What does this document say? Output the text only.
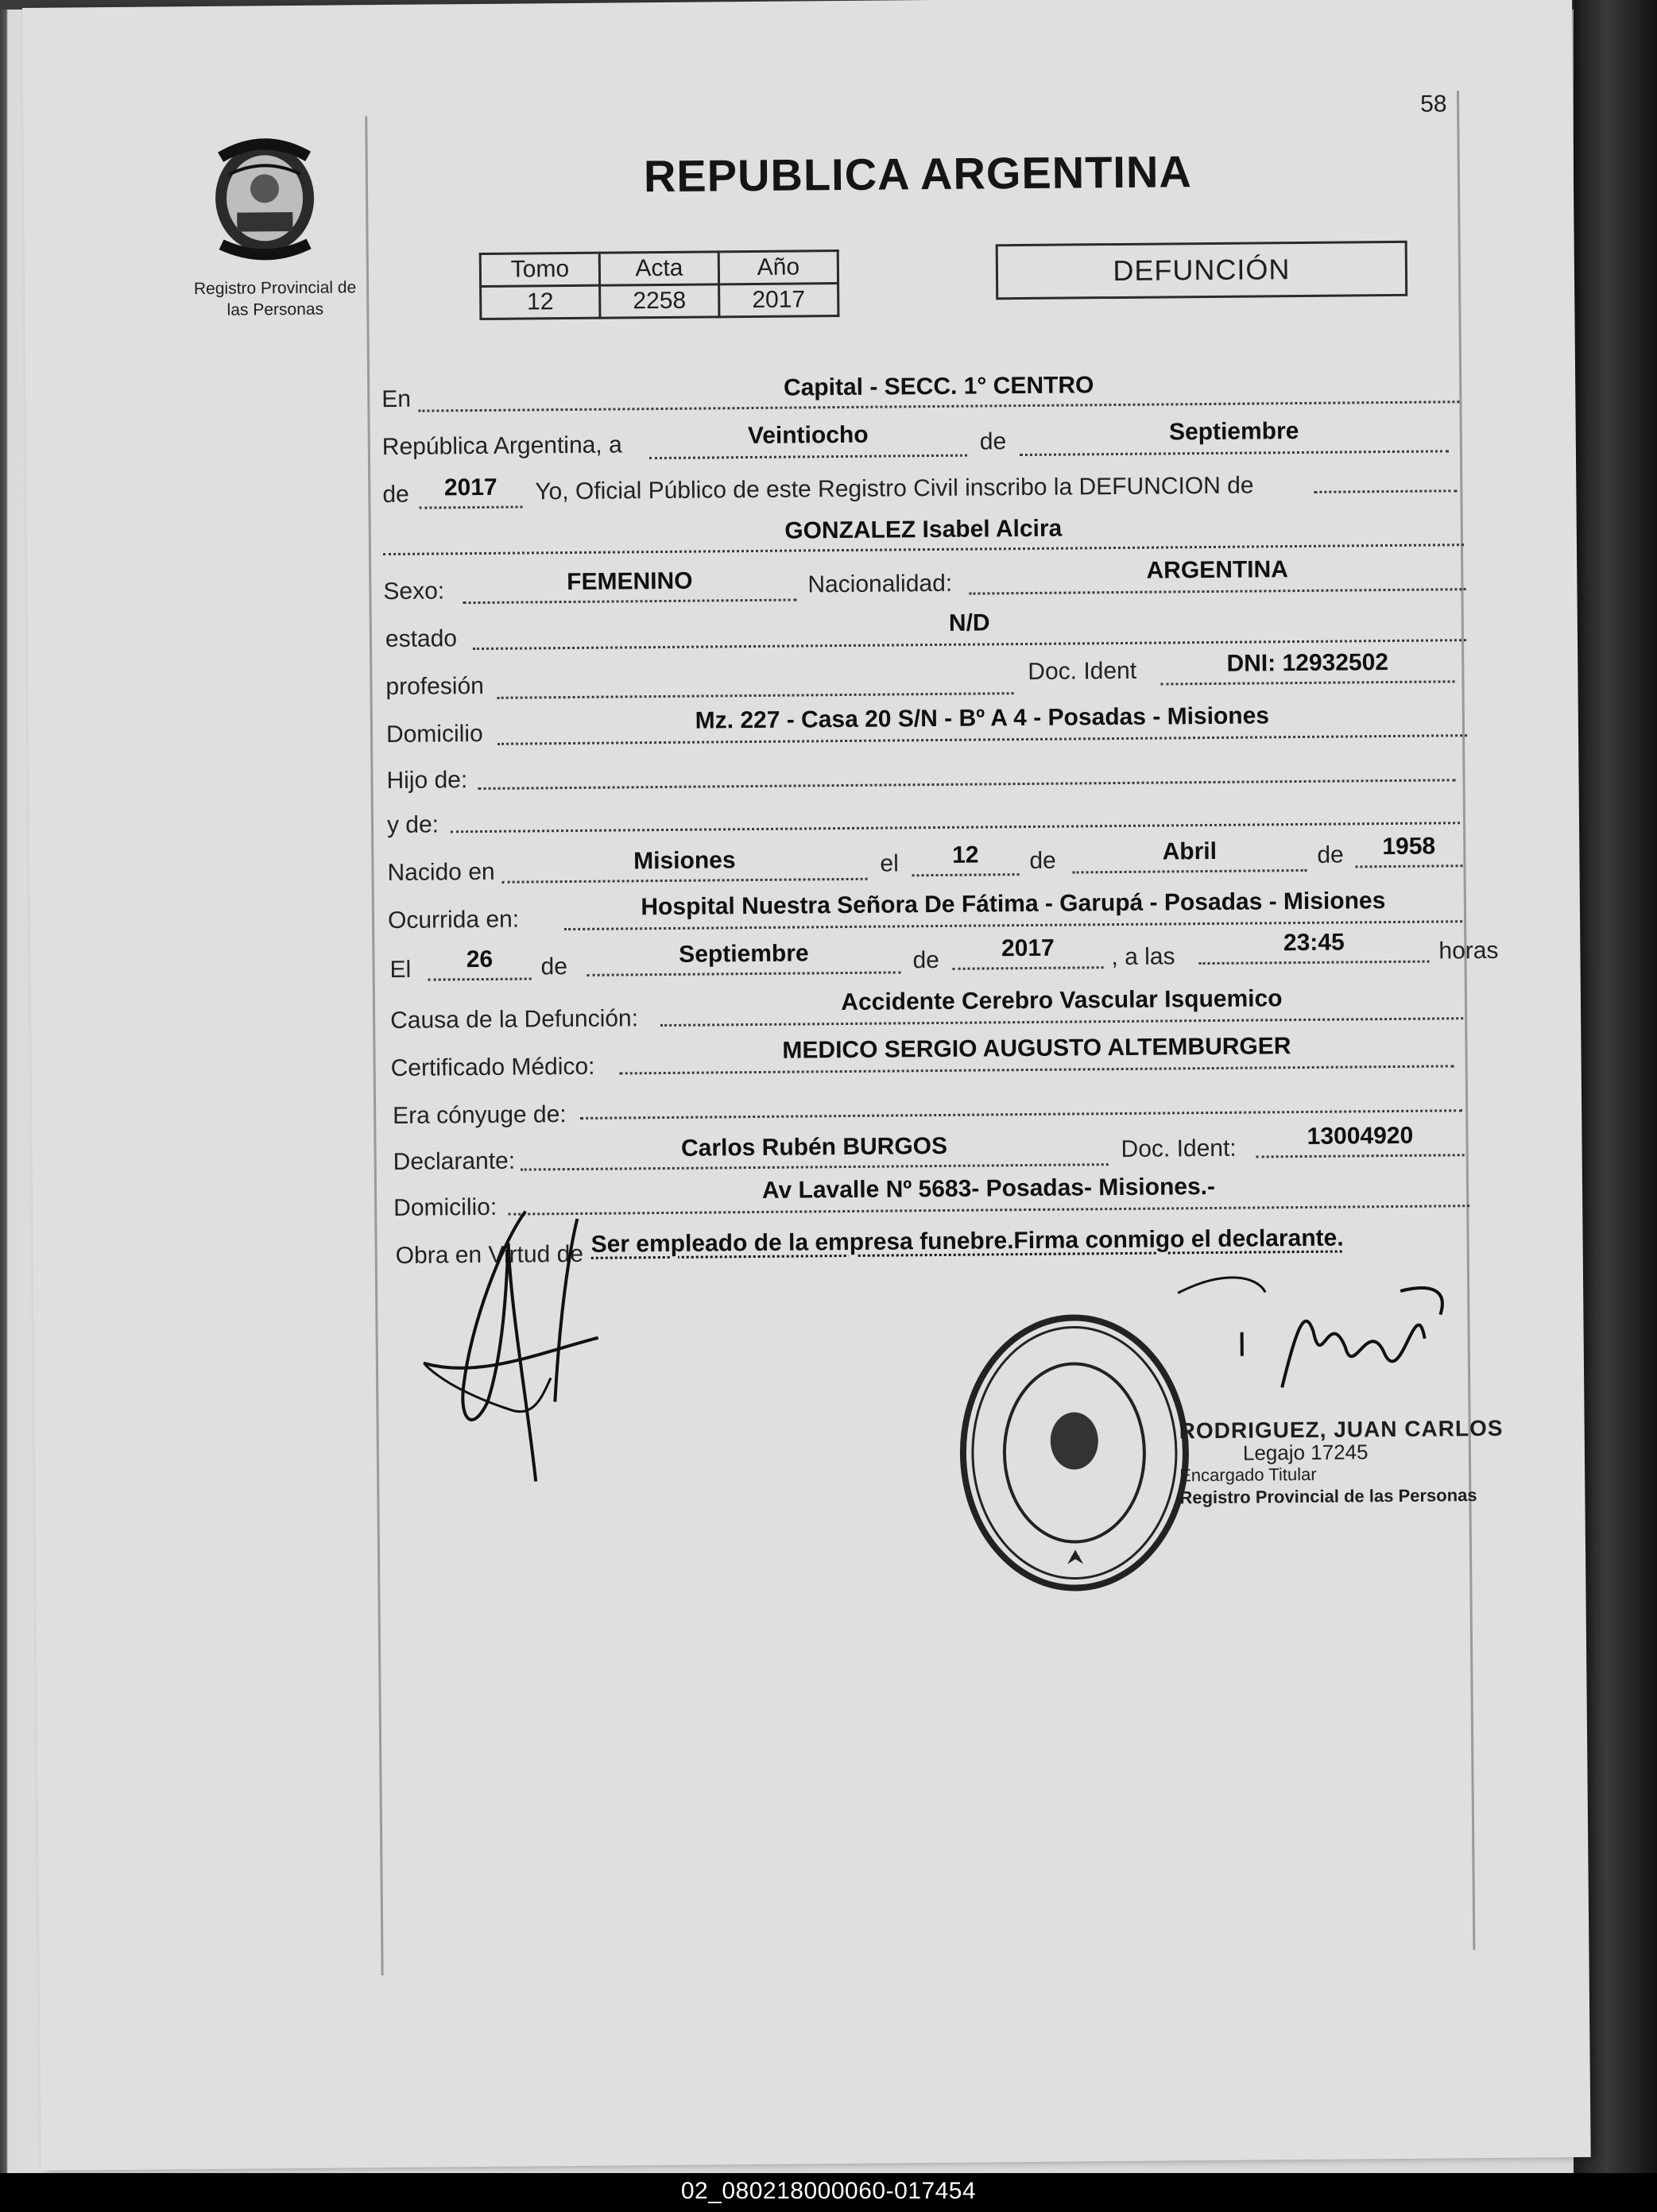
58
Registro Provincial de
las Personas
REPUBLICA ARGENTINA
Tomo	Acta	Año
12	2258	2017
DEFUNCIÓN
En	Capital - SECC. 1° CENTRO
República Argentina, a	Veintiocho	de	Septiembre
de	2017	Yo, Oficial Público de este Registro Civil inscribo la DEFUNCION de
GONZALEZ Isabel Alcira
Sexo:	FEMENINO	Nacionalidad:
ARGENTINA
estado
N/D
profesión
Doc. Ident	DNI: 12932502
Domicilio
Mz. 227 - Casa 20 S/N - Bº A 4 - Posadas - Misiones
Hijo de:
y de:
Nacido en	Misiones	el	12	de	Abril	de	1958
Ocurrida en:	Hospital Nuestra Señora De Fátima - Garupá - Posadas - Misiones
El	26	de	Septiembre	de	2017	, a las
23:45	horas
Causa de la Defunción:
Accidente Cerebro Vascular Isquemico
Certificado Médico:
MEDICO SERGIO AUGUSTO ALTEMBURGER
Era cónyuge de:
Declarante:	Carlos Rubén BURGOS	Doc. Ident:	13004920
Domicilio:
Av Lavalle Nº 5683- Posadas- Misiones.-
Obra en Virtud de Ser empleado de la empresa funebre.Firma conmigo el declarante.
RODRIGUEZ, JUAN CARLOS
Legajo 17245
Encargado Titular
Registro Provincial de las Personas
02_080218000060-017454
